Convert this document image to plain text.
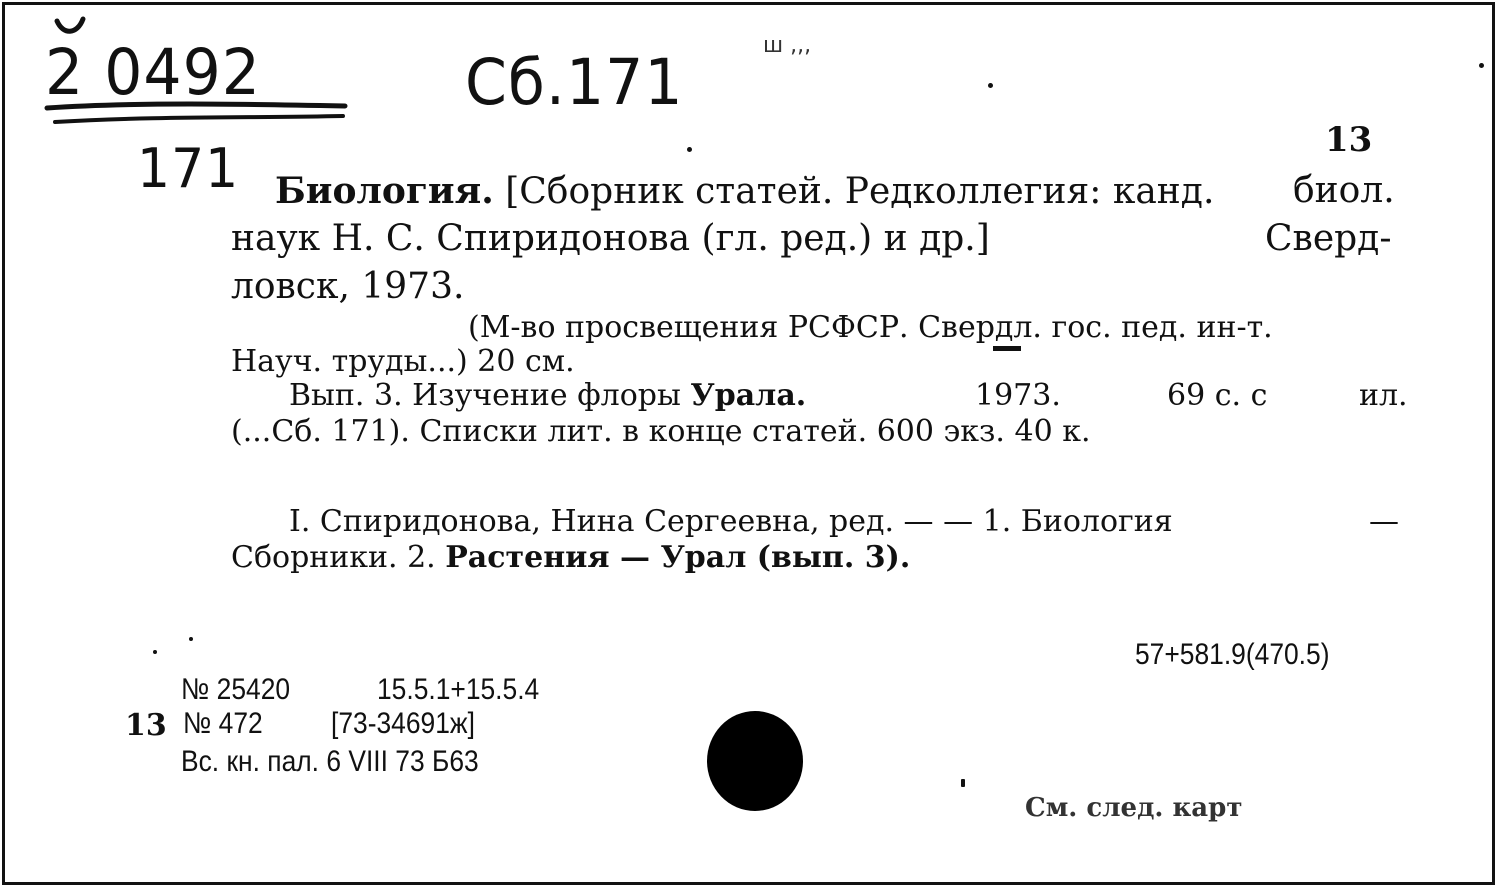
2 0492	Сб.171
ш ,,,
171	13
Биология. [Сборник статей. Редколлегия: канд. биол.
наук Н. С. Спиридонова (гл. ред.) и др.]	Сверд-
ловск, 1973.
(М-во просвещения РСФСР. Свердл. гос. пед. ин-т.
Науч. труды...) 20 см.
Вып. 3. Изучение флоры Урала.	1973.	69 с. с	ил.
(...Сб. 171). Списки лит. в конце статей. 600 экз. 40 к.
I. Спиридонова, Нина Сергеевна, ред. — — 1. Биология	—
Сборники. 2. Растения — Урал (вып. 3).
57+581.9(470.5)
№ 25420	15.5.1+15.5.4
13 № 472 [73-34691ж]
Вс. кн. пал. 6 VIII 73 Б63
См. след. карт
